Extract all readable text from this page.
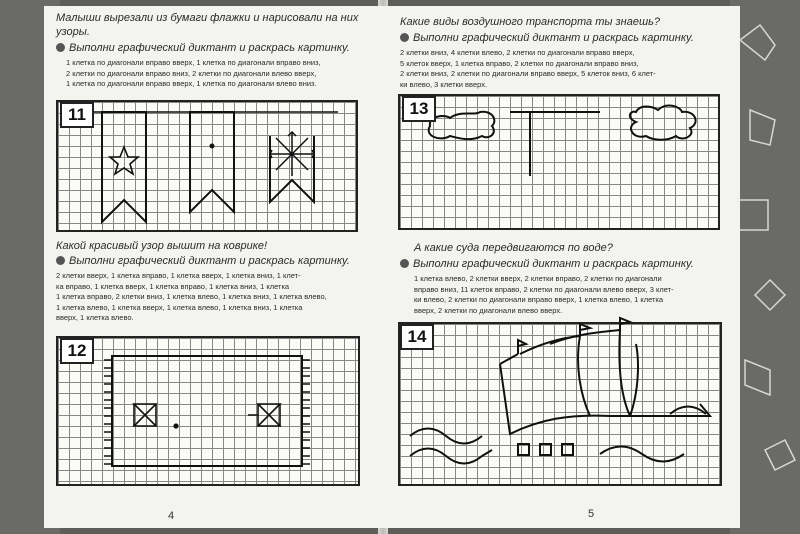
Малыши вырезали из бумаги флажки и нарисовали на них
узоры.
Выполни графический диктант и раскрась картинку.
1 клетка по диагонали вправо вверх, 1 клетка по диагонали вправо вниз,
2 клетки по диагонали вправо вниз, 2 клетки по диагонали влево вверх,
1 клетка по диагонали вправо вверх, 1 клетка по диагонали влево вниз.
11
Какой красивый узор вышит на коврике!
Выполни графический диктант и раскрась картинку.
2 клетки вверх, 1 клетка вправо, 1 клетка вверх, 1 клетка вниз, 1 клет-
ка вправо, 1 клетка вверх, 1 клетка вправо, 1 клетка вниз, 1 клетка
1 клетка вправо, 2 клетки вниз, 1 клетка влево, 1 клетка вниз, 1 клетка влево,
1 клетка влево, 1 клетка вверх, 1 клетка влево, 1 клетка вниз, 1 клетка
вверх, 1 клетка влево.
12
4
Какие виды воздушного транспорта ты знаешь?
Выполни графический диктант и раскрась картинку.
2 клетки вниз, 4 клетки влево, 2 клетки по диагонали вправо вверх,
5 клеток вверх, 1 клетка вправо, 2 клетки по диагонали вправо вниз,
2 клетки вниз, 2 клетки по диагонали вправо вверх, 5 клеток вниз, 6 клет-
ки влево, 3 клетки вверх.
13
А какие суда передвигаются по воде?
Выполни графический диктант и раскрась картинку.
1 клетка влево, 2 клетки вверх, 2 клетки вправо, 2 клетки по диагонали
вправо вниз, 11 клеток вправо, 2 клетки по диагонали влево вверх, 3 клет-
ки влево, 2 клетки по диагонали вправо вверх, 1 клетка влево, 1 клетка
вверх, 2 клетки по диагонали влево вверх.
14
5
